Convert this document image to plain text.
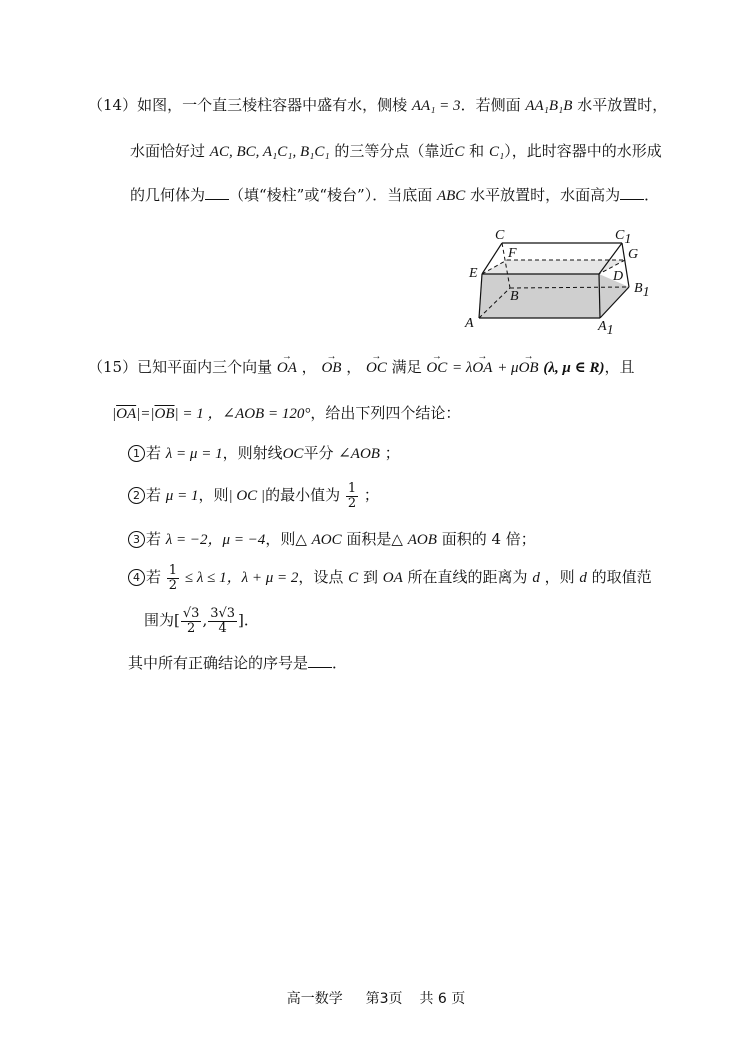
（14）如图，一个直三棱柱容器中盛有水，侧棱 AA₁ = 3．若侧面 AA₁B₁B 水平放置时，
水面恰好过 AC, BC, A₁C₁, B₁C₁ 的三等分点（靠近C 和 C₁），此时容器中的水形成
的几何体为 （填“棱柱”或“棱台”）．当底面 ABC 水平放置时，水面高为 ．
C	C1
F	G
E	D
B
B1
A	A1
（15）已知平面内三个向量 → OA ， → OB ， → OC 满足 → OC = λ→ OA + μ→ OB (λ, μ ∈ R)，且
$|\overline{OA}|=|\overline{OB}| = 1$ ，∠AOB = 120°，给出下列四个结论：
1 若 λ = μ = 1，则射线OC平分 ∠AOB ；
2 若 μ = 1，则| OC |的最小值为 $\frac{1}{2}$ ；
3 若 λ = −2，μ = −4，则△ AOC 面积是△ AOB 面积的 4 倍；
4 若 $\frac{1}{2} \le \lambda \le 1$，λ + μ = 2，设点 C 到 OA 所在直线的距离为 d ，则 d 的取值范
围为[ $\frac{√3}{2}$ , $\frac{3√3}{4}$ ]．
其中所有正确结论的序号是 ．
高一数学 第3页 共 6 页
